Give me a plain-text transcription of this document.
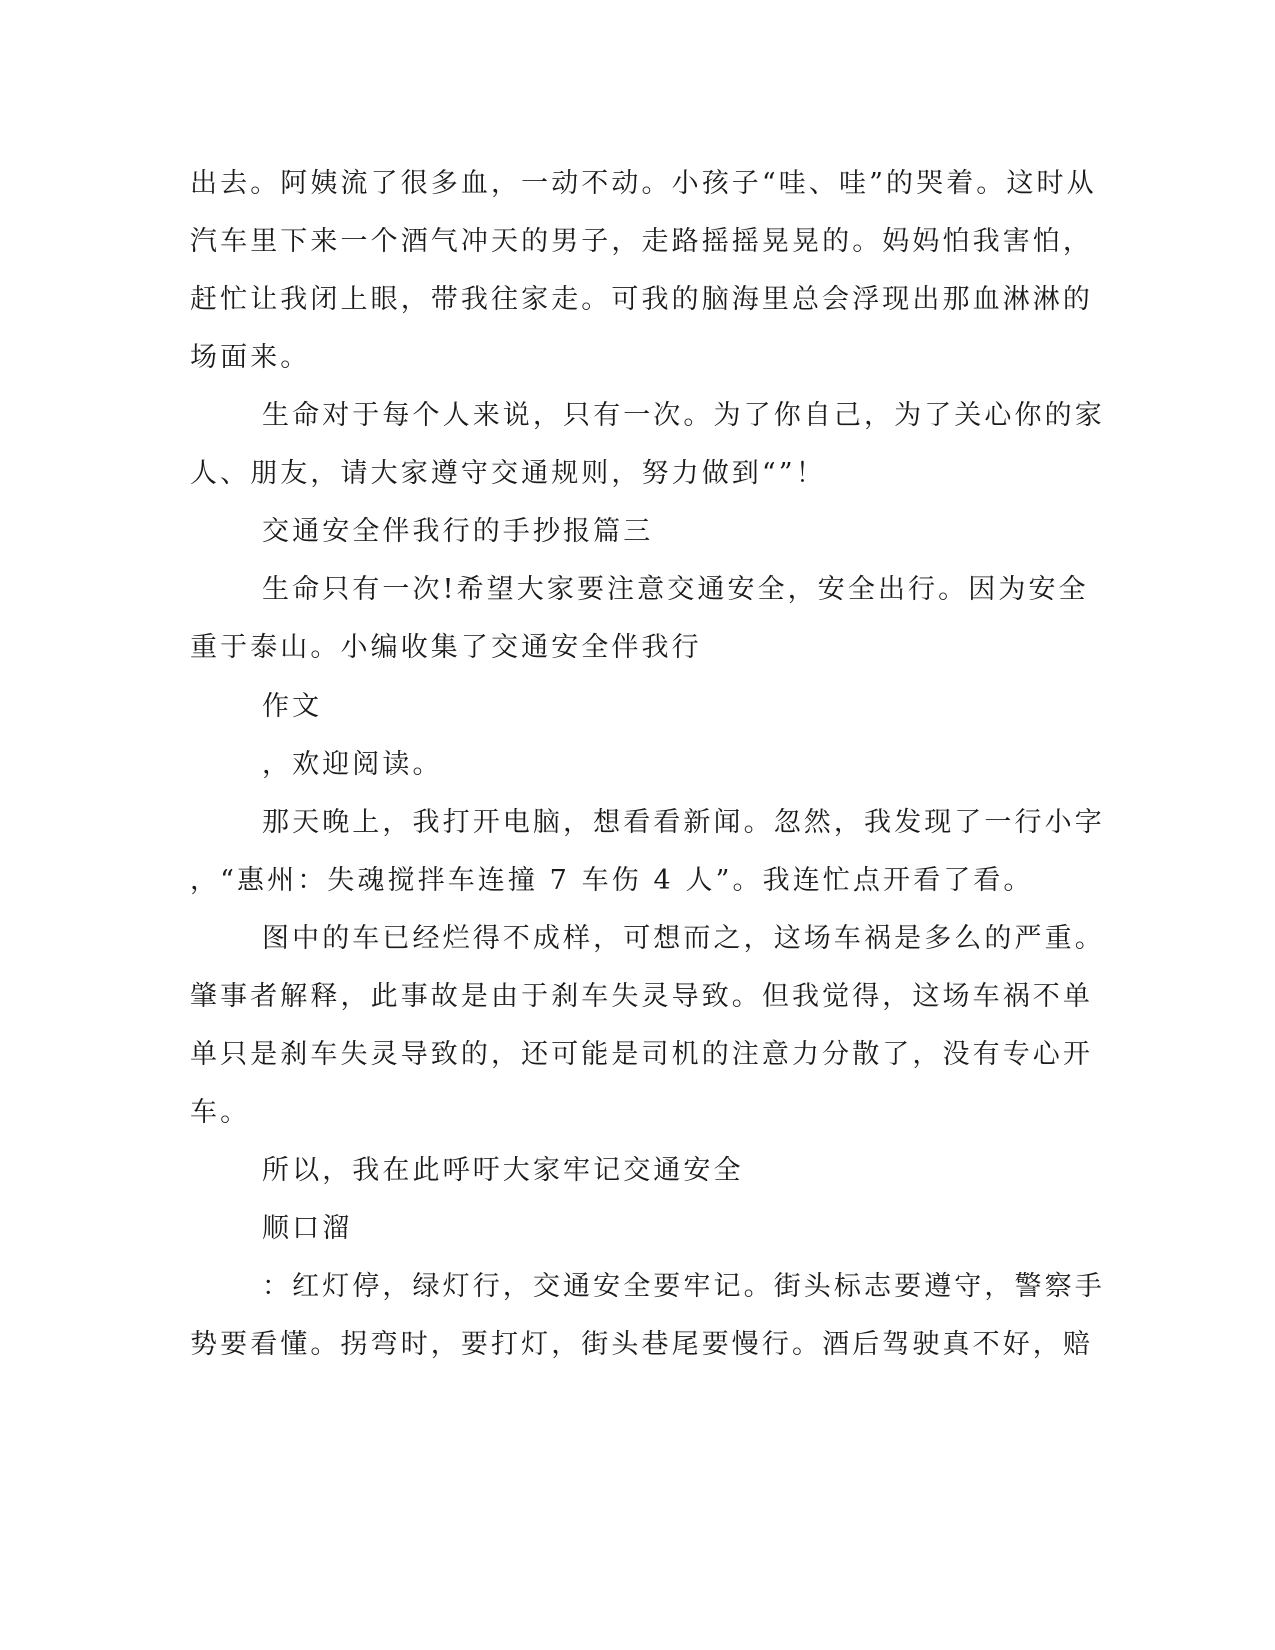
出去。阿姨流了很多血，一动不动。小孩子“哇、哇”的哭着。这时从
汽车里下来一个酒气冲天的男子，走路摇摇晃晃的。妈妈怕我害怕，
赶忙让我闭上眼，带我往家走。可我的脑海里总会浮现出那血淋淋的
场面来。
生命对于每个人来说，只有一次。为了你自己，为了关心你的家
人、朋友，请大家遵守交通规则，努力做到“”！
交通安全伴我行的手抄报篇三
生命只有一次!希望大家要注意交通安全，安全出行。因为安全
重于泰山。小编收集了交通安全伴我行
作文
，欢迎阅读。
那天晚上，我打开电脑，想看看新闻。忽然，我发现了一行小字
，“惠州：失魂搅拌车连撞 7 车伤 4 人”。我连忙点开看了看。
图中的车已经烂得不成样，可想而之，这场车祸是多么的严重。
肇事者解释，此事故是由于刹车失灵导致。但我觉得，这场车祸不单
单只是刹车失灵导致的，还可能是司机的注意力分散了，没有专心开
车。
所以，我在此呼吁大家牢记交通安全
顺口溜
：红灯停，绿灯行，交通安全要牢记。街头标志要遵守，警察手
势要看懂。拐弯时，要打灯，街头巷尾要慢行。酒后驾驶真不好，赔
